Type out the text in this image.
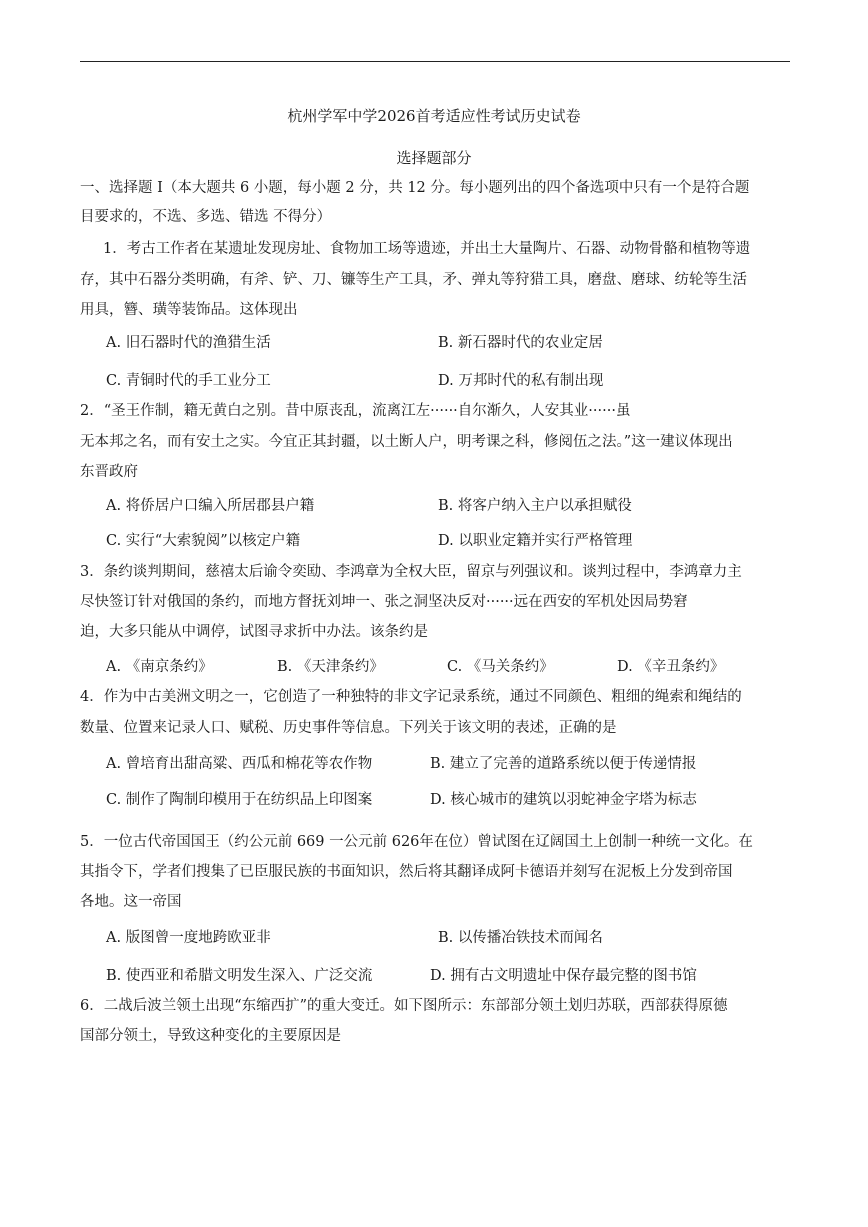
杭州学军中学2026首考适应性考试历史试卷
选择题部分
一、选择题 I（本大题共 6 小题，每小题 2 分，共 12 分。每小题列出的四个备选项中只有一个是符合题
目要求的，不选、多选、错选 不得分）
1．考古工作者在某遗址发现房址、食物加工场等遗迹，并出土大量陶片、石器、动物骨骼和植物等遗
存，其中石器分类明确，有斧、铲、刀、镰等生产工具，矛、弹丸等狩猎工具，磨盘、磨球、纺轮等生活
用具，簪、璜等装饰品。这体现出
A. 旧石器时代的渔猎生活	B. 新石器时代的农业定居
C. 青铜时代的手工业分工	D. 万邦时代的私有制出现
2．“圣王作制，籍无黄白之别。昔中原丧乱，流离江左······自尔渐久，人安其业······虽
无本邦之名，而有安土之实。今宜正其封疆，以土断人户，明考课之科，修阅伍之法。”这一建议体现出
东晋政府
A. 将侨居户口编入所居郡县户籍	B. 将客户纳入主户以承担赋役
C. 实行“大索貌阅”以核定户籍	D. 以职业定籍并实行严格管理
3．条约谈判期间，慈禧太后谕令奕劻、李鸿章为全权大臣，留京与列强议和。谈判过程中，李鸿章力主
尽快签订针对俄国的条约，而地方督抚刘坤一、张之洞坚决反对······远在西安的军机处因局势窘
迫，大多只能从中调停，试图寻求折中办法。该条约是
A. 《南京条约》	B. 《天津条约》	C. 《马关条约》	D. 《辛丑条约》
4．作为中古美洲文明之一，它创造了一种独特的非文字记录系统，通过不同颜色、粗细的绳索和绳结的
数量、位置来记录人口、赋税、历史事件等信息。下列关于该文明的表述，正确的是
A. 曾培育出甜高粱、西瓜和棉花等农作物	B. 建立了完善的道路系统以便于传递情报
C. 制作了陶制印模用于在纺织品上印图案	D. 核心城市的建筑以羽蛇神金字塔为标志
5．一位古代帝国国王（约公元前 669 一公元前 626年在位）曾试图在辽阔国土上创制一种统一文化。在
其指令下，学者们搜集了已臣服民族的书面知识，然后将其翻译成阿卡德语并刻写在泥板上分发到帝国
各地。这一帝国
A. 版图曾一度地跨欧亚非	B. 以传播冶铁技术而闻名
B. 使西亚和希腊文明发生深入、广泛交流	D. 拥有古文明遗址中保存最完整的图书馆
6．二战后波兰领土出现“东缩西扩”的重大变迁。如下图所示：东部部分领土划归苏联，西部获得原德
国部分领土，导致这种变化的主要原因是
